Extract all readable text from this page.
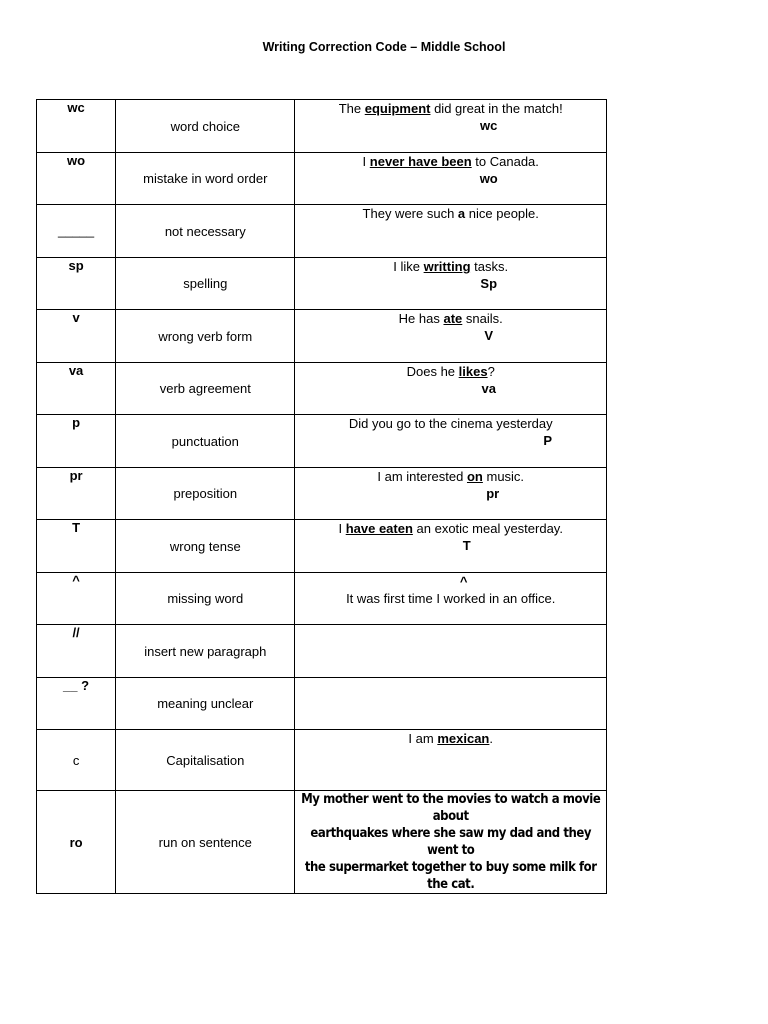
Writing Correction Code – Middle School
wc	word choice	The equipment did great in the match!
wc

wo	mistake in word order	I never have been to Canada.
wo

_____	not necessary	They were such a nice people.

sp	spelling	I like writting tasks.
Sp

v	wrong verb form	He has ate snails.
V

va	verb agreement	Does he likes?
va

p	punctuation	Did you go to the cinema yesterday
P

pr	preposition	I am interested on music.
pr

T	wrong tense	I have eaten an exotic meal yesterday.
T

^	missing word	^
It was first time I worked in an office.

//	insert new paragraph	
__ ?	meaning unclear	
c	Capitalisation	I am mexican.

ro	run on sentence	My mother went to the movies to watch a movie about
earthquakes where she saw my dad and they went to
the supermarket together to buy some milk for the cat.
